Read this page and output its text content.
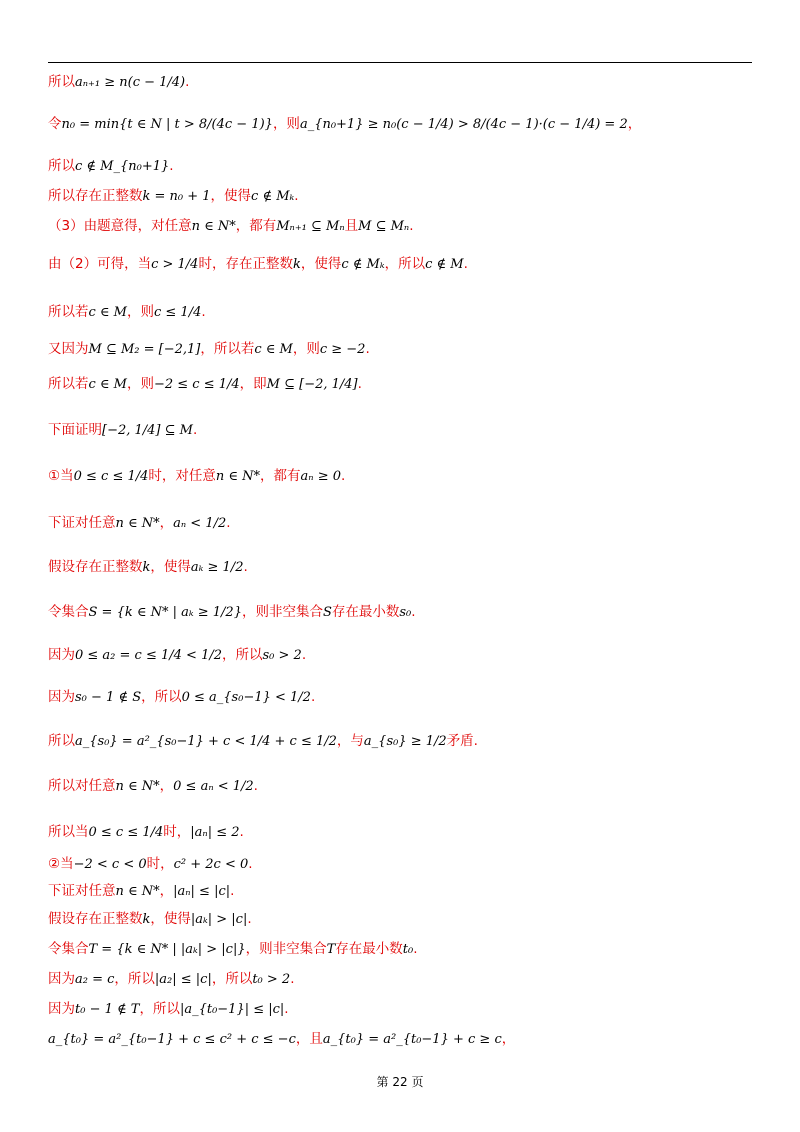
所以aₙ₊₁ ≥ n(c − 1/4).
令n₀ = min{t ∈ N | t > 8/(4c − 1)}，则a_{n₀+1} ≥ n₀(c − 1/4) > 8/(4c − 1)·(c − 1/4) = 2，
所以c ∉ M_{n₀+1}.
所以存在正整数k = n₀ + 1，使得c ∉ Mₖ.
（3）由题意得，对任意n ∈ N*，都有Mₙ₊₁ ⊆ Mₙ且M ⊆ Mₙ.
由（2）可得，当c > 1/4时，存在正整数k，使得c ∉ Mₖ，所以c ∉ M.
所以若c ∈ M，则c ≤ 1/4.
又因为M ⊆ M₂ = [−2,1]，所以若c ∈ M，则c ≥ −2.
所以若c ∈ M，则−2 ≤ c ≤ 1/4，即M ⊆ [−2, 1/4].
下面证明[−2, 1/4] ⊆ M.
①当0 ≤ c ≤ 1/4时，对任意n ∈ N*，都有aₙ ≥ 0.
下证对任意n ∈ N*，aₙ < 1/2.
假设存在正整数k，使得aₖ ≥ 1/2.
令集合S = {k ∈ N* | aₖ ≥ 1/2}，则非空集合S存在最小数s₀.
因为0 ≤ a₂ = c ≤ 1/4 < 1/2，所以s₀ > 2.
因为s₀ − 1 ∉ S，所以0 ≤ a_{s₀−1} < 1/2.
所以a_{s₀} = a²_{s₀−1} + c < 1/4 + c ≤ 1/2，与a_{s₀} ≥ 1/2矛盾.
所以对任意n ∈ N*，0 ≤ aₙ < 1/2.
所以当0 ≤ c ≤ 1/4时，|aₙ| ≤ 2.
②当−2 < c < 0时，c² + 2c < 0.
下证对任意n ∈ N*，|aₙ| ≤ |c|.
假设存在正整数k，使得|aₖ| > |c|.
令集合T = {k ∈ N* | |aₖ| > |c|}，则非空集合T存在最小数t₀.
因为a₂ = c，所以|a₂| ≤ |c|，所以t₀ > 2.
因为t₀ − 1 ∉ T，所以|a_{t₀−1}| ≤ |c|.
a_{t₀} = a²_{t₀−1} + c ≤ c² + c ≤ −c，且a_{t₀} = a²_{t₀−1} + c ≥ c，
第 22 页
